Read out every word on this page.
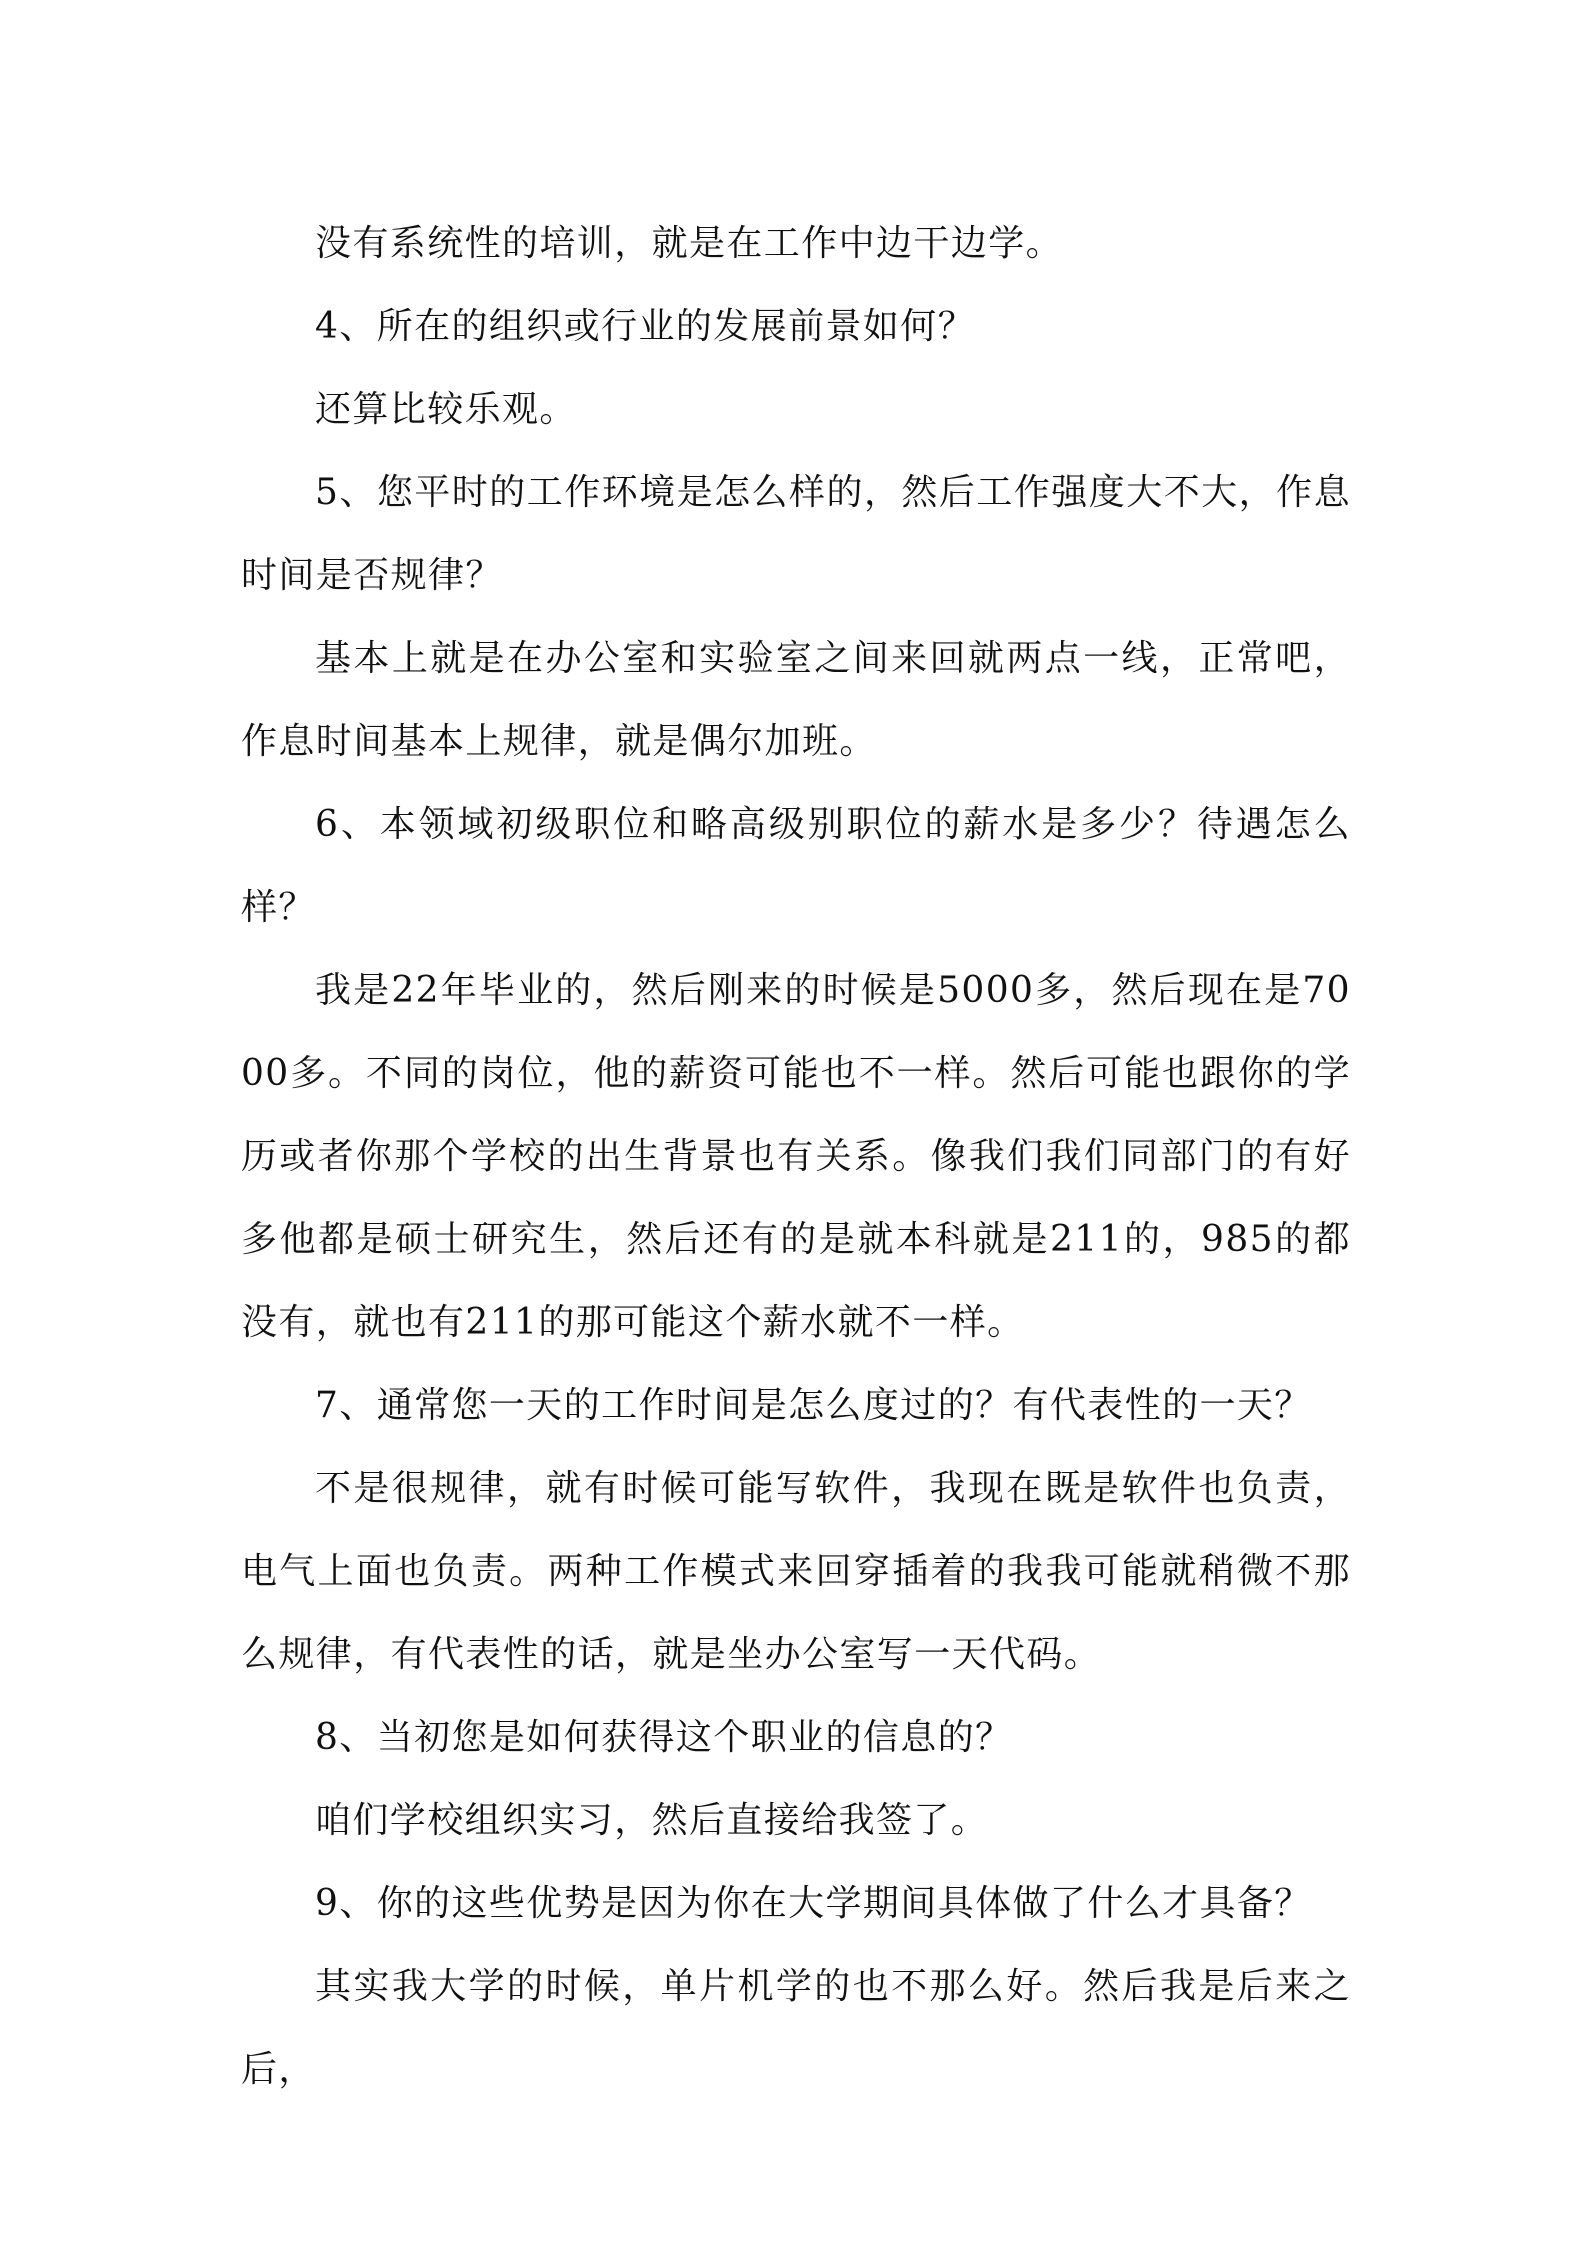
没有系统性的培训，就是在工作中边干边学。

4、所在的组织或行业的发展前景如何？

还算比较乐观。

5、您平时的工作环境是怎么样的，然后工作强度大不大，作息时间是否规律？

基本上就是在办公室和实验室之间来回就两点一线，正常吧，作息时间基本上规律，就是偶尔加班。

6、本领域初级职位和略高级别职位的薪水是多少？待遇怎么样？

我是22年毕业的，然后刚来的时候是5000多，然后现在是7000多。不同的岗位，他的薪资可能也不一样。然后可能也跟你的学历或者你那个学校的出生背景也有关系。像我们我们同部门的有好多他都是硕士研究生，然后还有的是就本科就是211的，985的都没有，就也有211的那可能这个薪水就不一样。

7、通常您一天的工作时间是怎么度过的？有代表性的一天？

不是很规律，就有时候可能写软件，我现在既是软件也负责，电气上面也负责。两种工作模式来回穿插着的我我可能就稍微不那么规律，有代表性的话，就是坐办公室写一天代码。

8、当初您是如何获得这个职业的信息的？

咱们学校组织实习，然后直接给我签了。

9、你的这些优势是因为你在大学期间具体做了什么才具备？

其实我大学的时候，单片机学的也不那么好。然后我是后来之后，
